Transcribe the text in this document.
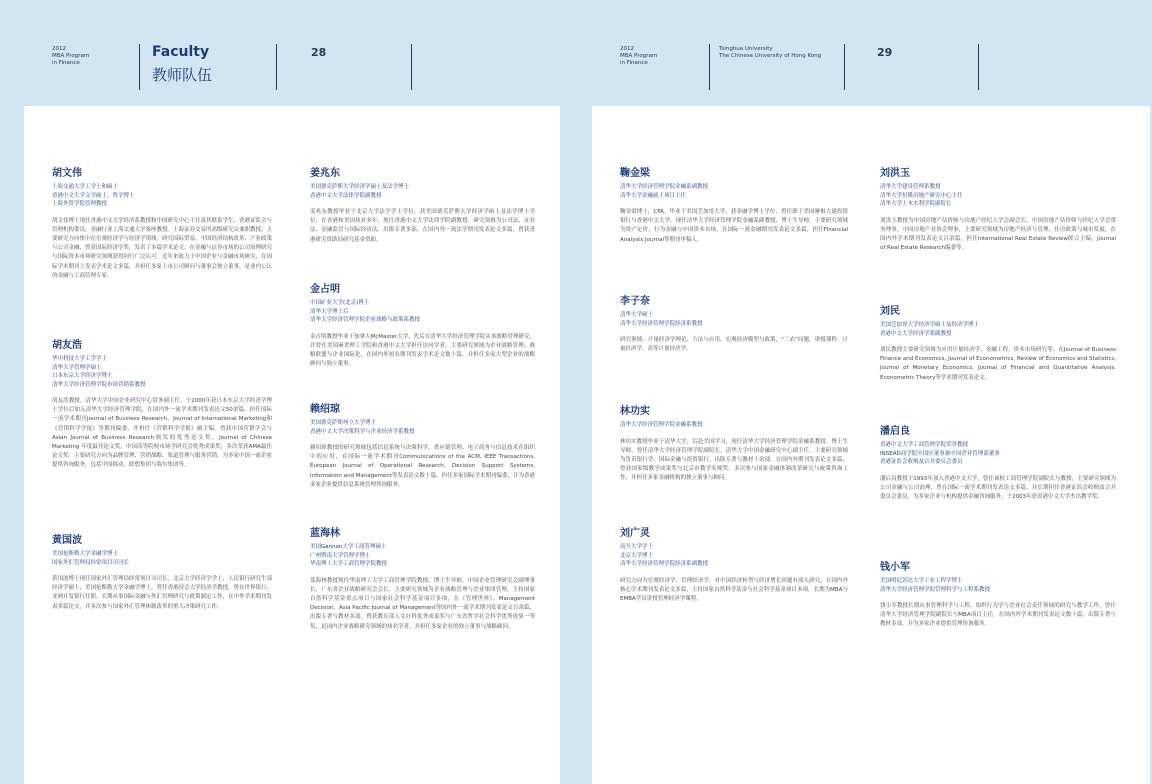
2012
MBA Program
in Finance
Faculty
教师队伍
28
胡文伟
上海交通大学工学士和硕士
香港中文大学文学硕士、哲学博士
上海外贸学院管理教授

胡文伟博士现任香港中文大学经济系教授和中国研究中心主任及其联系学生，香港证监会与管理机构委员，金融行业上海交通大学客座教授。上海证券交易所高级研究员兼职教授，主要研究方向集中在宏观经济学与经济学领域，研究国际贸易、中国经济结构改革、产业政策与公司金融，曾获国际经济学奖，发表了多篇学术论文，在金融与证券市场的公司治理研究与国际资本市场研究领域获得同行广泛认可。近年来致力于中国企业与金融市场研究，在国际学术期刊上发表学术论文多篇，并担任多家上市公司顾问与董事会独立董事，是业内公认的金融与工商管理专家。

胡友浩
华中科技大学工学学士
清华大学管理学硕士
日本东京大学经济学博士
清华大学经济管理学院市场营销系教授

胡友浩教授，清华大学中国企业研究中心常务副主任。于2000年获日本东京大学经济学博士学位后加入清华大学经济管理学院，在国内外一流学术期刊发表论文50余篇，担任国际一流学术期刊Journal of Business Research、Journal of International Marketing和《营销科学学报》等期刊编委，并担任《营销科学学报》副主编。曾获中国营销学会与Asian Journal of Business Research颁发的优秀论文奖，Journal of Chinese Marketing 年度最佳论文奖，中国高等院校市场学研究会优秀成果奖，多次荣获AMA最佳论文奖。主要研究方向为品牌管理、营销战略、渠道管理与服务营销，为多家中国一流企业提供咨询服务，包括中国移动、联想集团与海尔集团等。

黄国波
美国伦斯勒大学金融学博士
国家外汇管理局经常项目司司长

黄国波博士现任国家外汇管理局经常项目司司长，北京大学经济学学士，人民银行研究生部经济学硕士，美国伦斯勒大学金融学博士，曾任香港浸会大学经济学教授，曾在世界银行、亚洲开发银行任职，长期从事国际金融与外汇管理研究与政策制定工作，在中外学术期刊发表多篇论文，并多次参与国家外汇管理体制改革的重大决策研究工作。

姜兆东
美国德克萨斯大学经济学硕士及法学博士
香港中文大学法律学院副教授

姜兆东教授毕业于北京大学法学学士学位，获美国德克萨斯大学经济学硕士及法学博士学位，在香港和美国执业多年，现任香港中文大学法律学院副教授，研究领域为公司法、证券法、金融监管与国际经济法，出版专著多部，在国内外一流法学期刊发表论文多篇，曾获香港研究资助局研究基金资助。

金占明
中国矿业大学(北京)博士
清华大学博士后
清华大学经济管理学院企业战略与政策系教授

金占明教授毕业于加拿大McMaster大学，先后在清华大学经济管理学院从事战略管理研究，并曾在美国麻省理工学院和香港中文大学担任访问学者，主要研究领域为企业战略管理、战略联盟与企业国际化，在国内外知名期刊发表学术论文数十篇，并担任多家大型企业的战略顾问与独立董事。

赖绍琼
美国德克萨斯州立大学博士
香港中文大学决策科学与企业经济学系教授

赖绍琼教授的研究领域包括信息系统与决策科学、供应链管理、电子商务与信息技术在组织中的应用，在国际一流学术期刊Communications of the ACM, IEEE Transactions, European Journal of Operational Research, Decision Support Systems, Information and Management等发表论文数十篇，担任多家国际学术期刊编委，并为香港多家企业提供信息系统管理咨询服务。

蓝海林
美国Gannon大学工商管理硕士
广州暨南大学管理学博士
华南理工大学工商管理学院教授

蓝海林教授现任华南理工大学工商管理学院教授、博士生导师，中国企业管理研究会副理事长，广东省企业战略研究会会长。主要研究领域为企业战略管理与企业集团管理，主持国家自然科学基金重点项目与国家社会科学基金项目多项，在《管理世界》、Management Decision、Asia Pacific Journal of Management等国内外一流学术期刊发表论文百余篇，出版专著与教材多部，曾获教育部人文社科优秀成果奖与广东省哲学社会科学优秀成果一等奖，是国内企业战略研究领域的知名学者，并担任多家企业的独立董事与战略顾问。

2012
MBA Program
in Finance
Tsinghua University
The Chinese University of Hong Kong	29
鞠金梁
清华大学经济管理学院金融系副教授
清华大学金融硕士项目主任

鞠金梁博士，CFA。毕业于美国芝加哥大学，获金融学博士学位，曾任职于美国摩根大通投资银行与香港中文大学，现任清华大学经济管理学院金融系副教授、博士生导师，主要研究领域为资产定价、行为金融与中国资本市场，在国际一流金融期刊发表论文多篇，担任Financial Analysts Journal等期刊审稿人。

李子奈
清华大学硕士
清华大学经济管理学院经济系教授

研究领域：计量经济学理论、方法与应用，宏观经济模型与政策，“三农”问题。讲授课程：计量经济学，高等计量经济学。

林功实
清华大学经济管理学院金融系教授

林功实教授毕业于清华大学，后赴美国学习，现任清华大学经济管理学院金融系教授、博士生导师。曾任清华大学经济管理学院副院长，清华大学中国金融研究中心副主任，主要研究领域为货币银行学、国际金融与投资银行，出版专著与教材十余部，在国内外期刊发表论文多篇，曾获国家级教学成果奖与北京市教学名师奖，多次参与国家金融体制改革研究与政策咨询工作，并担任多家金融机构的独立董事与顾问。

刘广灵
南开大学学士
北京大学博士
清华大学经济管理学院经济系副教授

研究方向为宏观经济学、管理经济学，对中国经济转型与经济增长问题有深入研究，在国内外核心学术期刊发表论文多篇，主持国家自然科学基金与社会科学基金项目多项，长期为MBA与EMBA学员讲授管理经济学课程。

刘洪玉
清华大学建设管理系教授
清华大学恒隆房地产研究中心主任
清华大学土木水利学院副院长

刘洪玉教授为中国房地产估价师与房地产经纪人学会副会长，中国房地产估价师与经纪人学会常务理事，中国房地产业协会理事，主要研究领域为房地产经济与管理、住房政策与城市发展，在国内外学术期刊发表论文百余篇，担任International Real Estate Review联合主编，Journal of Real Estate Research编委等。

刘民
美国芝加哥大学经济学硕士及经济学博士
香港中文大学经济学系副教授

刘民教授主要研究领域为应用计量经济学、金融工程、资本市场研究等，在Journal of Business Finance and Economics, Journal of Econometrics, Review of Economics and Statistics, Journal of Monetary Economics, Journal of Financial and Quantitative Analysis, Econometric Theory等学术期刊发表论文。

潘启良
香港中文大学工商管理学院荣誉教授
INSEAD商学院中国区董事兼中国企业管理部董事
香港证监会收购及合并委员会委员

潘启良教授于1993年加入香港中文大学，曾任该校工商管理学院副院长与教授，主要研究领域为公司金融与公司治理，曾在国际一流学术期刊发表论文多篇，并长期担任香港证监会收购及合并委员会委员，为多家企业与机构提供金融咨询服务，于2003年获香港中文大学杰出教学奖。

钱小军
美国明尼苏达大学工业工程学博士
清华大学经济管理学院管理科学与工程系教授

钱小军教授长期从事管理科学与工程、组织行为学与企业社会责任领域的研究与教学工作，曾任清华大学经济管理学院副院长与MBA项目主任，在国内外学术期刊发表论文数十篇，出版专著与教材多部，并为多家企业提供管理咨询服务。
